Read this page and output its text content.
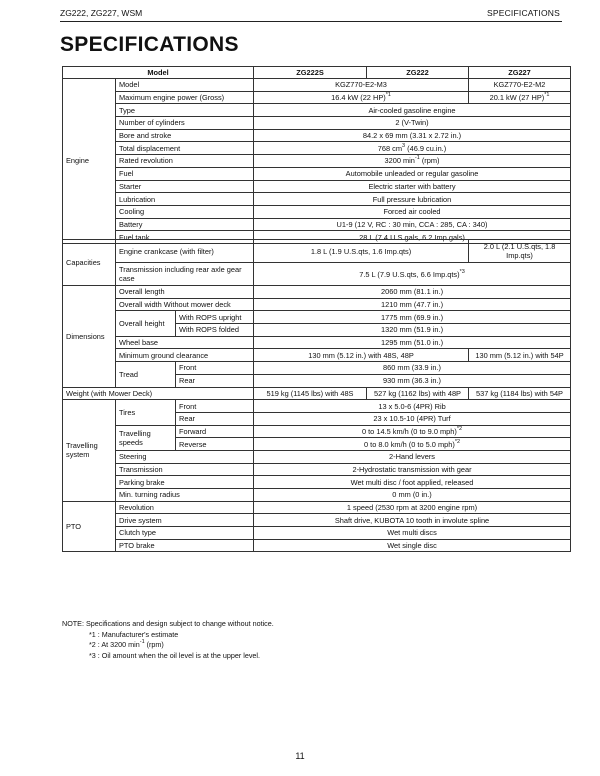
ZG222, ZG227, WSM	SPECIFICATIONS
SPECIFICATIONS
Model		ZG222S	ZG222	ZG227
Engine	Model	KGZ770-E2-M3		KGZ770-E2-M2
	Maximum engine power (Gross)	16.4 kW (22 HP)$^{*1}$		20.1 kW (27 HP)$^{*1}$
	Type	Air-cooled gasoline engine		
	Number of cylinders	2 (V-Twin)		
	Bore and stroke	84.2 x 69 mm (3.31 x 2.72 in.)		
	Total displacement	768 $cm^3$ (46.9 cu.in.)		
	Rated revolution	3200 $\min^{-1} (rpm)$		
	Fuel	Automobile unleaded or regular gasoline		
	Starter	Electric starter with battery		
	Lubrication	Full pressure lubrication		
	Cooling	Forced air cooled		
	Battery	U1-9 (12 V, RC : 30 min, CCA : 285, CA : 340)		
	Fuel tank	28 L (7.4 U.S.gals, 6.2 Imp.gals)		
Capacities	Engine crankcase (with filter)		1.8 L (1.9 U.S.qts, 1.6 Imp.qts)		2.0 L (2.1 U.S.qts, 1.8 Imp.qts)
	Transmission including rear axle gear case		7.5 L (7.9 U.S.qts, 6.6 Imp.qts)$^{*3}$
Dimensions	Overall length		2060 mm (81.1 in.)		
	Overall width Without mower deck		1210 mm (47.7 in.)		
	Overall height	With ROPS upright	1775 mm (69.9 in.)		
		With ROPS folded	1320 mm (51.9 in.)		
	Wheel base		1295 mm (51.0 in.)		
	Minimum ground clearance		130 mm (5.12 in.) with 48S, 48P		130 mm (5.12 in.) with 54P
	Tread	Front	860 mm (33.9 in.)		
		Rear	930 mm (36.3 in.)		
Weight (with Mower Deck)			519 kg (1145 lbs) with 48S	527 kg (1162 lbs) with 48P	537 kg (1184 lbs) with 54P
Travelling
system	Tires	Front	13 x 5.0-6 (4PR) Rib		
		Rear	23 x 10.5-10 (4PR) Turf		
	Travelling speeds	Forward	0 to 14.5 km/h (0 to 9.0 mph)$^{*2}$
		Reverse	0 to 8.0 km/h (0 to 5.0 mph)$^{*2}$
	Steering		2-Hand levers		
	Transmission		2-Hydrostatic transmission with gear		
	Parking brake		Wet multi disc / foot applied, released		
	Min. turning radius		0 mm (0 in.)		
PTO	Revolution		1 speed (2530 rpm at 3200 engine rpm)		
	Drive system		Shaft drive, KUBOTA 10 tooth in involute spline		
	Clutch type		Wet multi discs		
	PTO brake		Wet single disc		
NOTE: Specifications and design subject to change without notice.
*1 : Manufacturer's estimate
*2 : At 3200 $\min^{-1} (rpm)$
*3 : Oil amount when the oil level is at the upper level.
11
